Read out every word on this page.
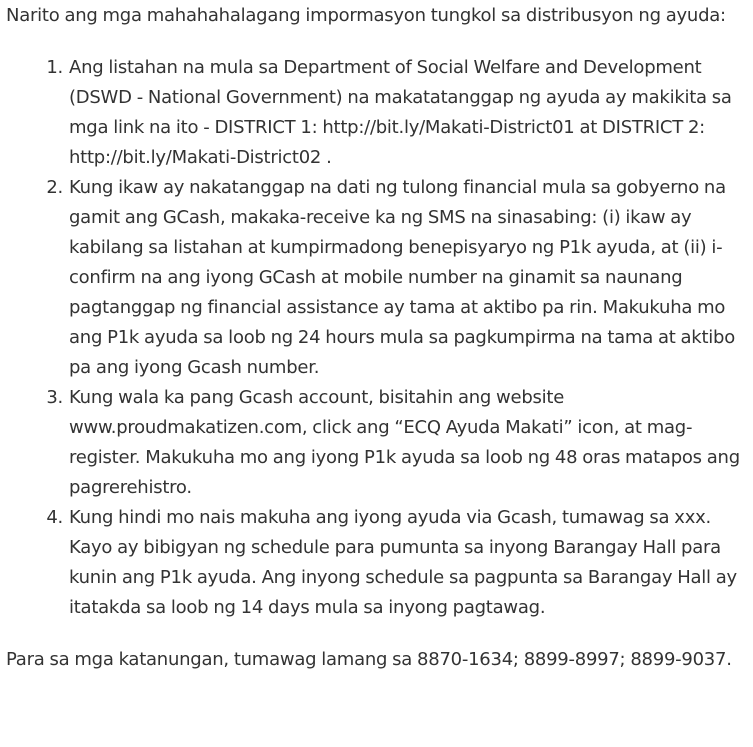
Narito ang mga mahahahalagang impormasyon tungkol sa distribusyon ng ayuda:

1. Ang listahan na mula sa Department of Social Welfare and Development (DSWD - National Government) na makatatanggap ng ayuda ay makikita sa mga link na ito - DISTRICT 1: http://bit.ly/Makati-District01 at DISTRICT 2: http://bit.ly/Makati-District02 .
2. Kung ikaw ay nakatanggap na dati ng tulong financial mula sa gobyerno na gamit ang GCash, makaka-receive ka ng SMS na sinasabing: (i) ikaw ay kabilang sa listahan at kumpirmadong benepisyaryo ng P1k ayuda, at (ii) i-confirm na ang iyong GCash at mobile number na ginamit sa naunang pagtanggap ng financial assistance ay tama at aktibo pa rin. Makukuha mo ang P1k ayuda sa loob ng 24 hours mula sa pagkumpirma na tama at aktibo pa ang iyong Gcash number.
3. Kung wala ka pang Gcash account, bisitahin ang website www.proudmakatizen.com, click ang “ECQ Ayuda Makati” icon, at mag-register. Makukuha mo ang iyong P1k ayuda sa loob ng 48 oras matapos ang pagrerehistro.
4. Kung hindi mo nais makuha ang iyong ayuda via Gcash, tumawag sa xxx. Kayo ay bibigyan ng schedule para pumunta sa inyong Barangay Hall para kunin ang P1k ayuda. Ang inyong schedule sa pagpunta sa Barangay Hall ay itatakda sa loob ng 14 days mula sa inyong pagtawag.

Para sa mga katanungan, tumawag lamang sa 8870-1634; 8899-8997; 8899-9037.
